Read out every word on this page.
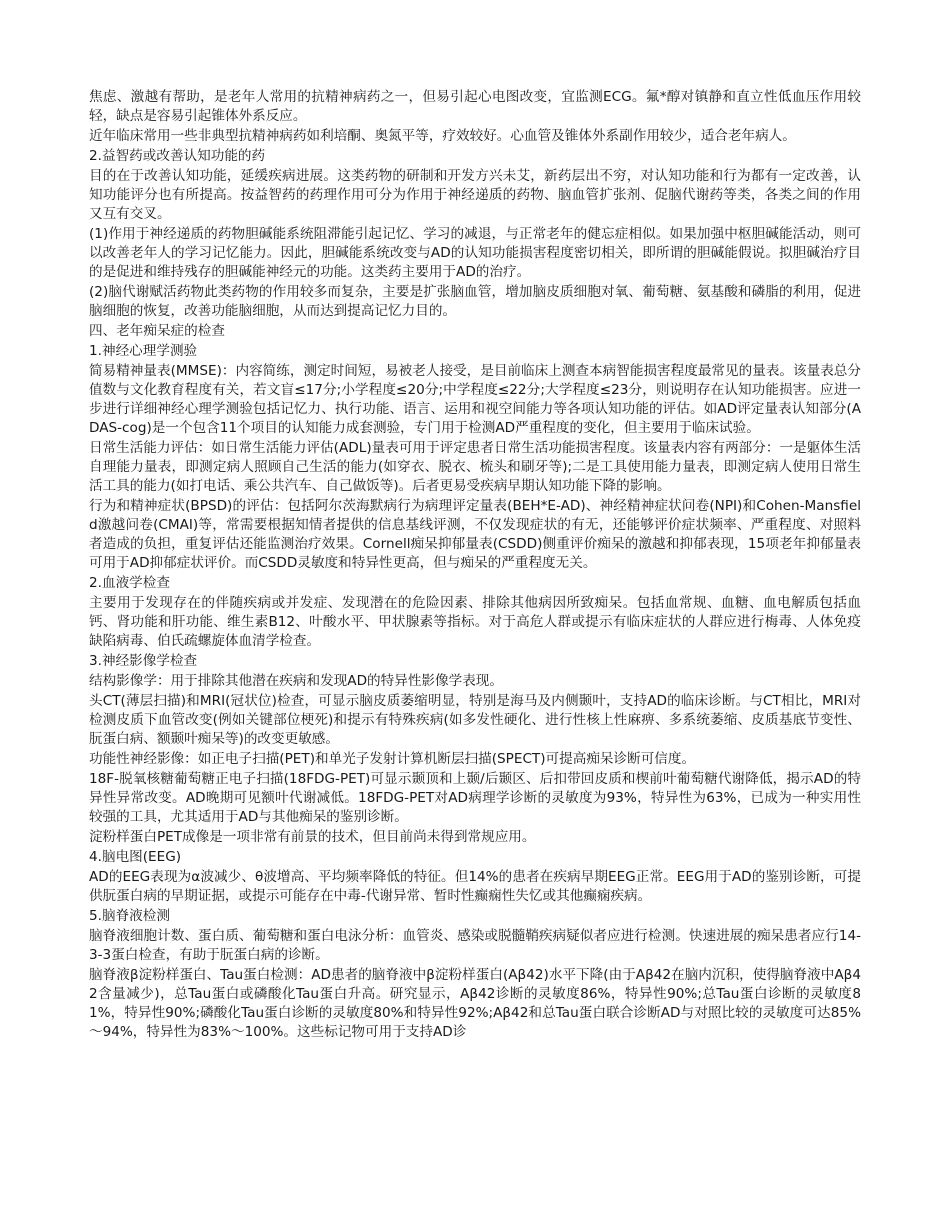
焦虑、激越有帮助，是老年人常用的抗精神病药之一，但易引起心电图改变，宜监测ECG。氟*醇对镇静和直立性低血压作用较轻，缺点是容易引起锥体外系反应。

近年临床常用一些非典型抗精神病药如利培酮、奥氮平等，疗效较好。心血管及锥体外系副作用较少，适合老年病人。

2.益智药或改善认知功能的药

目的在于改善认知功能，延缓疾病进展。这类药物的研制和开发方兴未艾，新药层出不穷，对认知功能和行为都有一定改善，认知功能评分也有所提高。按益智药的药理作用可分为作用于神经递质的药物、脑血管扩张剂、促脑代谢药等类，各类之间的作用又互有交叉。

(1)作用于神经递质的药物胆碱能系统阻滞能引起记忆、学习的减退，与正常老年的健忘症相似。如果加强中枢胆碱能活动，则可以改善老年人的学习记忆能力。因此，胆碱能系统改变与AD的认知功能损害程度密切相关，即所谓的胆碱能假说。拟胆碱治疗目的是促进和维持残存的胆碱能神经元的功能。这类药主要用于AD的治疗。

(2)脑代谢赋活药物此类药物的作用较多而复杂，主要是扩张脑血管，增加脑皮质细胞对氧、葡萄糖、氨基酸和磷脂的利用，促进脑细胞的恢复，改善功能脑细胞，从而达到提高记忆力目的。

四、老年痴呆症的检查

1.神经心理学测验

简易精神量表(MMSE)：内容简练，测定时间短，易被老人接受，是目前临床上测查本病智能损害程度最常见的量表。该量表总分值数与文化教育程度有关，若文盲≤17分;小学程度≤20分;中学程度≤22分;大学程度≤23分，则说明存在认知功能损害。应进一步进行详细神经心理学测验包括记忆力、执行功能、语言、运用和视空间能力等各项认知功能的评估。如AD评定量表认知部分(ADAS-cog)是一个包含11个项目的认知能力成套测验，专门用于检测AD严重程度的变化，但主要用于临床试验。

日常生活能力评估：如日常生活能力评估(ADL)量表可用于评定患者日常生活功能损害程度。该量表内容有两部分：一是躯体生活自理能力量表，即测定病人照顾自己生活的能力(如穿衣、脱衣、梳头和刷牙等);二是工具使用能力量表，即测定病人使用日常生活工具的能力(如打电话、乘公共汽车、自己做饭等)。后者更易受疾病早期认知功能下降的影响。

行为和精神症状(BPSD)的评估：包括阿尔茨海默病行为病理评定量表(BEH*E-AD)、神经精神症状问卷(NPI)和Cohen-Mansfield激越问卷(CMAI)等，常需要根据知情者提供的信息基线评测，不仅发现症状的有无，还能够评价症状频率、严重程度、对照料者造成的负担，重复评估还能监测治疗效果。Cornell痴呆抑郁量表(CSDD)侧重评价痴呆的激越和抑郁表现，15项老年抑郁量表可用于AD抑郁症状评价。而CSDD灵敏度和特异性更高，但与痴呆的严重程度无关。

2.血液学检查

主要用于发现存在的伴随疾病或并发症、发现潜在的危险因素、排除其他病因所致痴呆。包括血常规、血糖、血电解质包括血钙、肾功能和肝功能、维生素B12、叶酸水平、甲状腺素等指标。对于高危人群或提示有临床症状的人群应进行梅毒、人体免疫缺陷病毒、伯氏疏螺旋体血清学检查。

3.神经影像学检查

结构影像学：用于排除其他潜在疾病和发现AD的特异性影像学表现。

头CT(薄层扫描)和MRI(冠状位)检查，可显示脑皮质萎缩明显，特别是海马及内侧颞叶，支持AD的临床诊断。与CT相比，MRI对检测皮质下血管改变(例如关键部位梗死)和提示有特殊疾病(如多发性硬化、进行性核上性麻痹、多系统萎缩、皮质基底节变性、朊蛋白病、额颞叶痴呆等)的改变更敏感。

功能性神经影像：如正电子扫描(PET)和单光子发射计算机断层扫描(SPECT)可提高痴呆诊断可信度。

18F-脱氧核糖葡萄糖正电子扫描(18FDG-PET)可显示颞顶和上颞/后颞区、后扣带回皮质和楔前叶葡萄糖代谢降低，揭示AD的特异性异常改变。AD晚期可见额叶代谢减低。18FDG-PET对AD病理学诊断的灵敏度为93%，特异性为63%，已成为一种实用性较强的工具，尤其适用于AD与其他痴呆的鉴别诊断。

淀粉样蛋白PET成像是一项非常有前景的技术，但目前尚未得到常规应用。

4.脑电图(EEG)

AD的EEG表现为α波减少、θ波增高、平均频率降低的特征。但14%的患者在疾病早期EEG正常。EEG用于AD的鉴别诊断，可提供朊蛋白病的早期证据，或提示可能存在中毒-代谢异常、暂时性癫痫性失忆或其他癫痫疾病。

5.脑脊液检测

脑脊液细胞计数、蛋白质、葡萄糖和蛋白电泳分析：血管炎、感染或脱髓鞘疾病疑似者应进行检测。快速进展的痴呆患者应行14-3-3蛋白检查，有助于朊蛋白病的诊断。

脑脊液β淀粉样蛋白、Tau蛋白检测：AD患者的脑脊液中β淀粉样蛋白(Aβ42)水平下降(由于Aβ42在脑内沉积，使得脑脊液中Aβ42含量减少)，总Tau蛋白或磷酸化Tau蛋白升高。研究显示，Aβ42诊断的灵敏度86%，特异性90%;总Tau蛋白诊断的灵敏度81%，特异性90%;磷酸化Tau蛋白诊断的灵敏度80%和特异性92%;Aβ42和总Tau蛋白联合诊断AD与对照比较的灵敏度可达85%～94%，特异性为83%～100%。这些标记物可用于支持AD诊
